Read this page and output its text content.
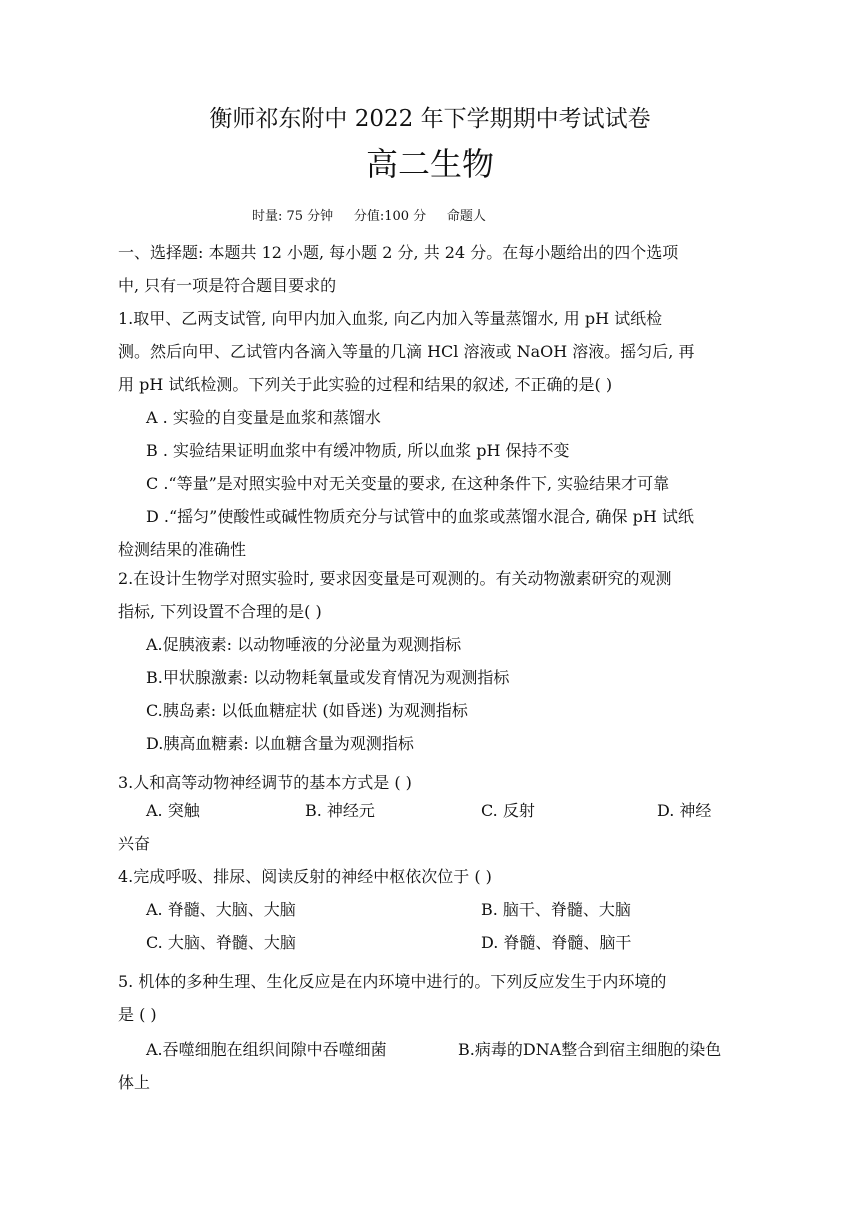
衡师祁东附中 2022 年下学期期中考试试卷
高二生物
时量: 75 分钟     分值:100 分     命题人
一、选择题: 本题共 12 小题, 每小题 2 分, 共 24 分。在每小题给出的四个选项
中, 只有一项是符合题目要求的
1.取甲、乙两支试管, 向甲内加入血浆, 向乙内加入等量蒸馏水, 用 pH 试纸检
测。然后向甲、乙试管内各滴入等量的几滴 HCl 溶液或 NaOH 溶液。摇匀后, 再
用 pH 试纸检测。下列关于此实验的过程和结果的叙述, 不正确的是( )
A . 实验的自变量是血浆和蒸馏水
B . 实验结果证明血浆中有缓冲物质, 所以血浆 pH 保持不变
C .“等量”是对照实验中对无关变量的要求, 在这种条件下, 实验结果才可靠
D .“摇匀”使酸性或碱性物质充分与试管中的血浆或蒸馏水混合, 确保 pH 试纸
检测结果的准确性
2.在设计生物学对照实验时, 要求因变量是可观测的。有关动物激素研究的观测
指标, 下列设置不合理的是( )
A.促胰液素: 以动物唾液的分泌量为观测指标
B.甲状腺激素: 以动物耗氧量或发育情况为观测指标
C.胰岛素: 以低血糖症状 (如昏迷) 为观测指标
D.胰高血糖素: 以血糖含量为观测指标
3.人和高等动物神经调节的基本方式是 ( )
A. 突触	B. 神经元	C. 反射	D. 神经
兴奋
4.完成呼吸、排尿、阅读反射的神经中枢依次位于 ( )
A. 脊髓、大脑、大脑	B. 脑干、脊髓、大脑
C. 大脑、脊髓、大脑	D. 脊髓、脊髓、脑干
5. 机体的多种生理、生化反应是在内环境中进行的。下列反应发生于内环境的
是 ( )
A.吞噬细胞在组织间隙中吞噬细菌	B.病毒的DNA整合到宿主细胞的染色
体上
